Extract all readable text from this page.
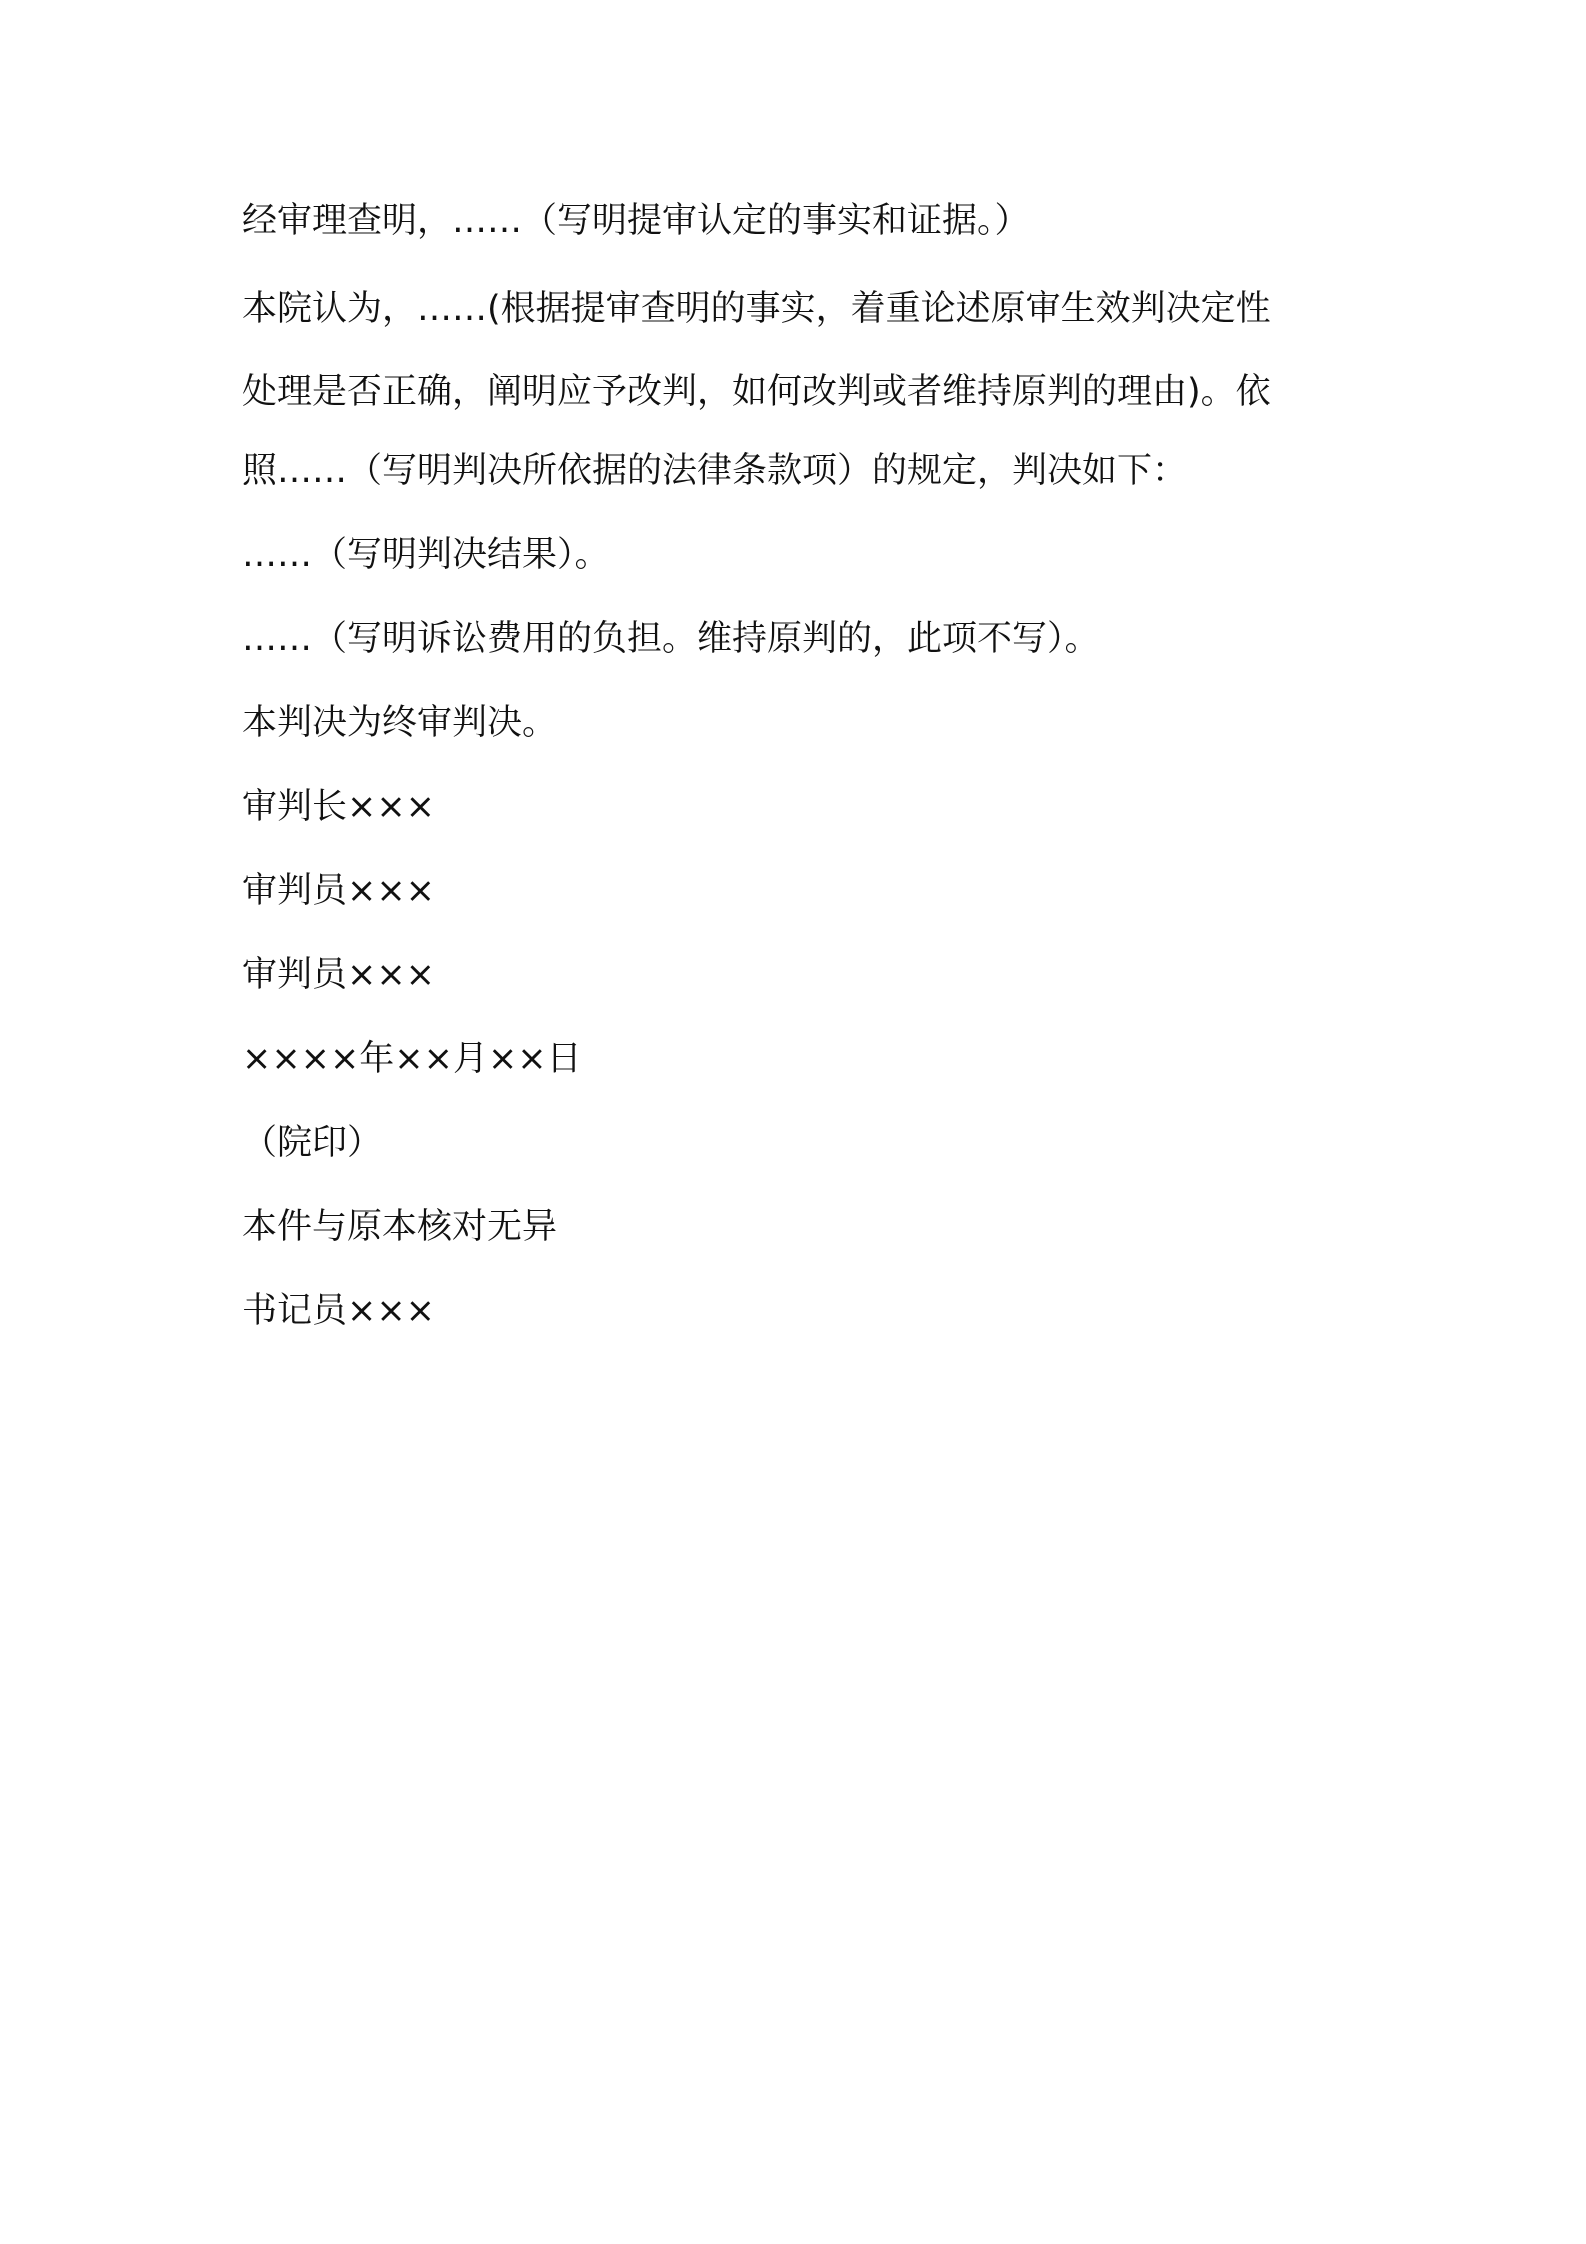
经审理查明，……（写明提审认定的事实和证据。）

本院认为，……(根据提审查明的事实，着重论述原审生效判决定性

处理是否正确，阐明应予改判，如何改判或者维持原判的理由)。依

照……（写明判决所依据的法律条款项）的规定，判决如下：

……（写明判决结果）。

……（写明诉讼费用的负担。维持原判的，此项不写）。

本判决为终审判决。

审判长×××

审判员×××

审判员×××

××××年××月××日

（院印）

本件与原本核对无异

书记员×××
